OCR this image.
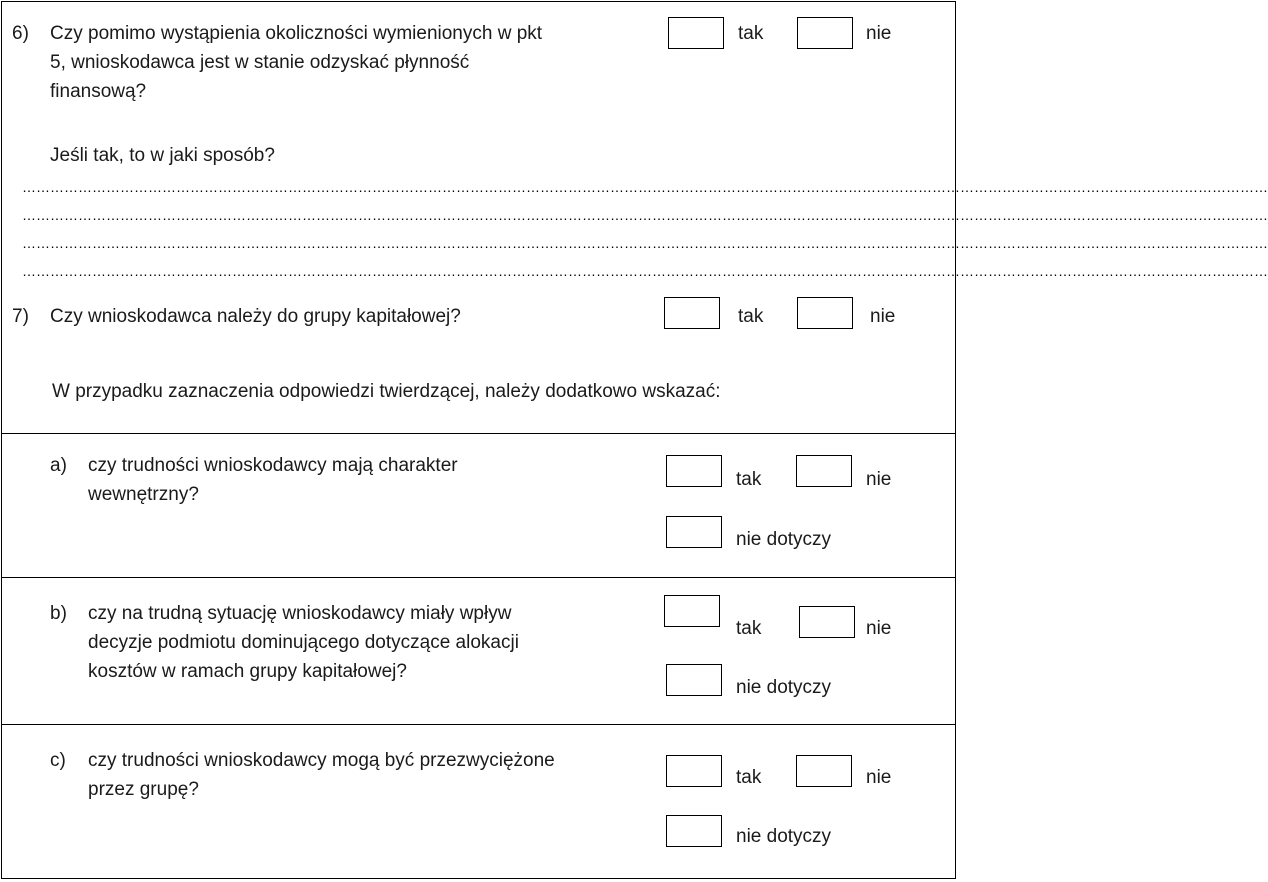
6) Czy pomimo wystąpienia okoliczności wymienionych w pkt
5, wnioskodawca jest w stanie odzyskać płynność
finansową?
tak	nie
Jeśli tak, to w jaki sposób?
……………………………………………………………………………………………………………………………………………………………………………………………………………………………………………
……………………………………………………………………………………………………………………………………………………………………………………………………………………………………………
……………………………………………………………………………………………………………………………………………………………………………………………………………………………………………
……………………………………………………………………………………………………………………………………………………………………………………………………………………………………………
7) Czy wnioskodawca należy do grupy kapitałowej?	tak	nie
W przypadku zaznaczenia odpowiedzi twierdzącej, należy dodatkowo wskazać:
a) czy trudności wnioskodawcy mają charakter
wewnętrzny?
tak	nie
nie dotyczy
b) czy na trudną sytuację wnioskodawcy miały wpływ
decyzje podmiotu dominującego dotyczące alokacji
kosztów w ramach grupy kapitałowej?
tak	nie
nie dotyczy
c) czy trudności wnioskodawcy mogą być przezwyciężone
przez grupę?
tak	nie
nie dotyczy
